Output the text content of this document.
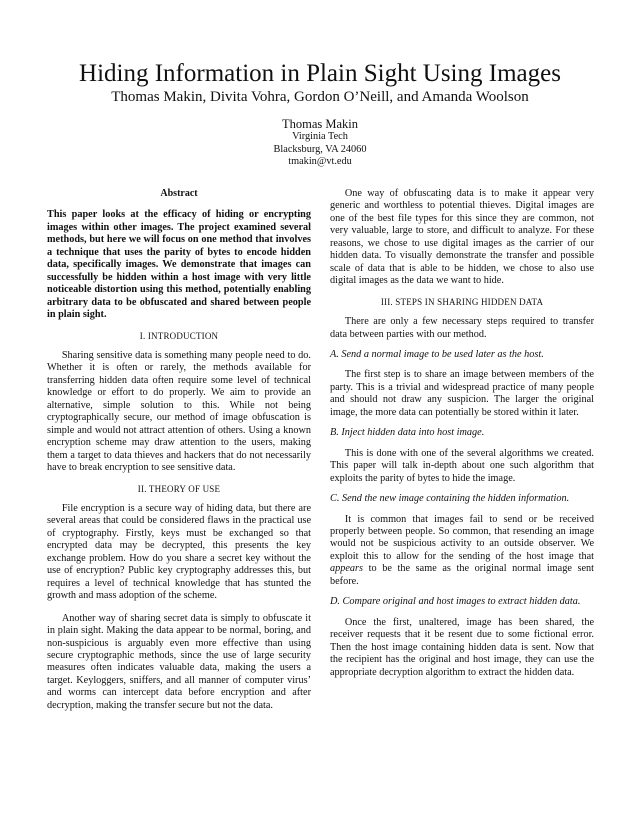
Hiding Information in Plain Sight Using Images
Thomas Makin, Divita Vohra, Gordon O’Neill, and Amanda Woolson
Thomas Makin
Virginia Tech
Blacksburg, VA 24060
tmakin@vt.edu
Abstract

This paper looks at the efficacy of hiding or encrypting images within other images. The project examined several methods, but here we will focus on one method that involves a technique that uses the parity of bytes to encode hidden data, specifically images. We demonstrate that images can successfully be hidden within a host image with very little noticeable distortion using this method, potentially enabling arbitrary data to be obfuscated and shared between people in plain sight.

I. INTRODUCTION

Sharing sensitive data is something many people need to do. Whether it is often or rarely, the methods available for transferring hidden data often require some level of technical knowledge or effort to do properly. We aim to provide an alternative, simple solution to this. While not being cryptographically secure, our method of image obfuscation is simple and would not attract attention of others. Using a known encryption scheme may draw attention to the users, making them a target to data thieves and hackers that do not necessarily have to break encryption to see sensitive data.

II. THEORY OF USE

File encryption is a secure way of hiding data, but there are several areas that could be considered flaws in the practical use of cryptography. Firstly, keys must be exchanged so that encrypted data may be decrypted, this presents the key exchange problem. How do you share a secret key without the use of encryption? Public key cryptography addresses this, but requires a level of technical knowledge that has stunted the growth and mass adoption of the scheme.

Another way of sharing secret data is simply to obfuscate it in plain sight. Making the data appear to be normal, boring, and non-suspicious is arguably even more effective than using secure cryptographic methods, since the use of large security measures often indicates valuable data, making the users a target. Keyloggers, sniffers, and all manner of computer virus’ and worms can intercept data before encryption and after decryption, making the transfer secure but not the data.

One way of obfuscating data is to make it appear very generic and worthless to potential thieves. Digital images are one of the best file types for this since they are common, not very valuable, large to store, and difficult to analyze. For these reasons, we chose to use digital images as the carrier of our hidden data. To visually demonstrate the transfer and possible scale of data that is able to be hidden, we chose to also use digital images as the data we want to hide.

III. STEPS IN SHARING HIDDEN DATA

There are only a few necessary steps required to transfer data between parties with our method.

A. Send a normal image to be used later as the host.

The first step is to share an image between members of the party. This is a trivial and widespread practice of many people and should not draw any suspicion. The larger the original image, the more data can potentially be stored within it later.

B. Inject hidden data into host image.

This is done with one of the several algorithms we created. This paper will talk in-depth about one such algorithm that exploits the parity of bytes to hide the image.

C. Send the new image containing the hidden information.

It is common that images fail to send or be received properly between people. So common, that resending an image would not be suspicious activity to an outside observer. We exploit this to allow for the sending of the host image that appears to be the same as the original normal image sent before.

D. Compare original and host images to extract hidden data.

Once the first, unaltered, image has been shared, the receiver requests that it be resent due to some fictional error. Then the host image containing hidden data is sent. Now that the recipient has the original and host image, they can use the appropriate decryption algorithm to extract the hidden data.
